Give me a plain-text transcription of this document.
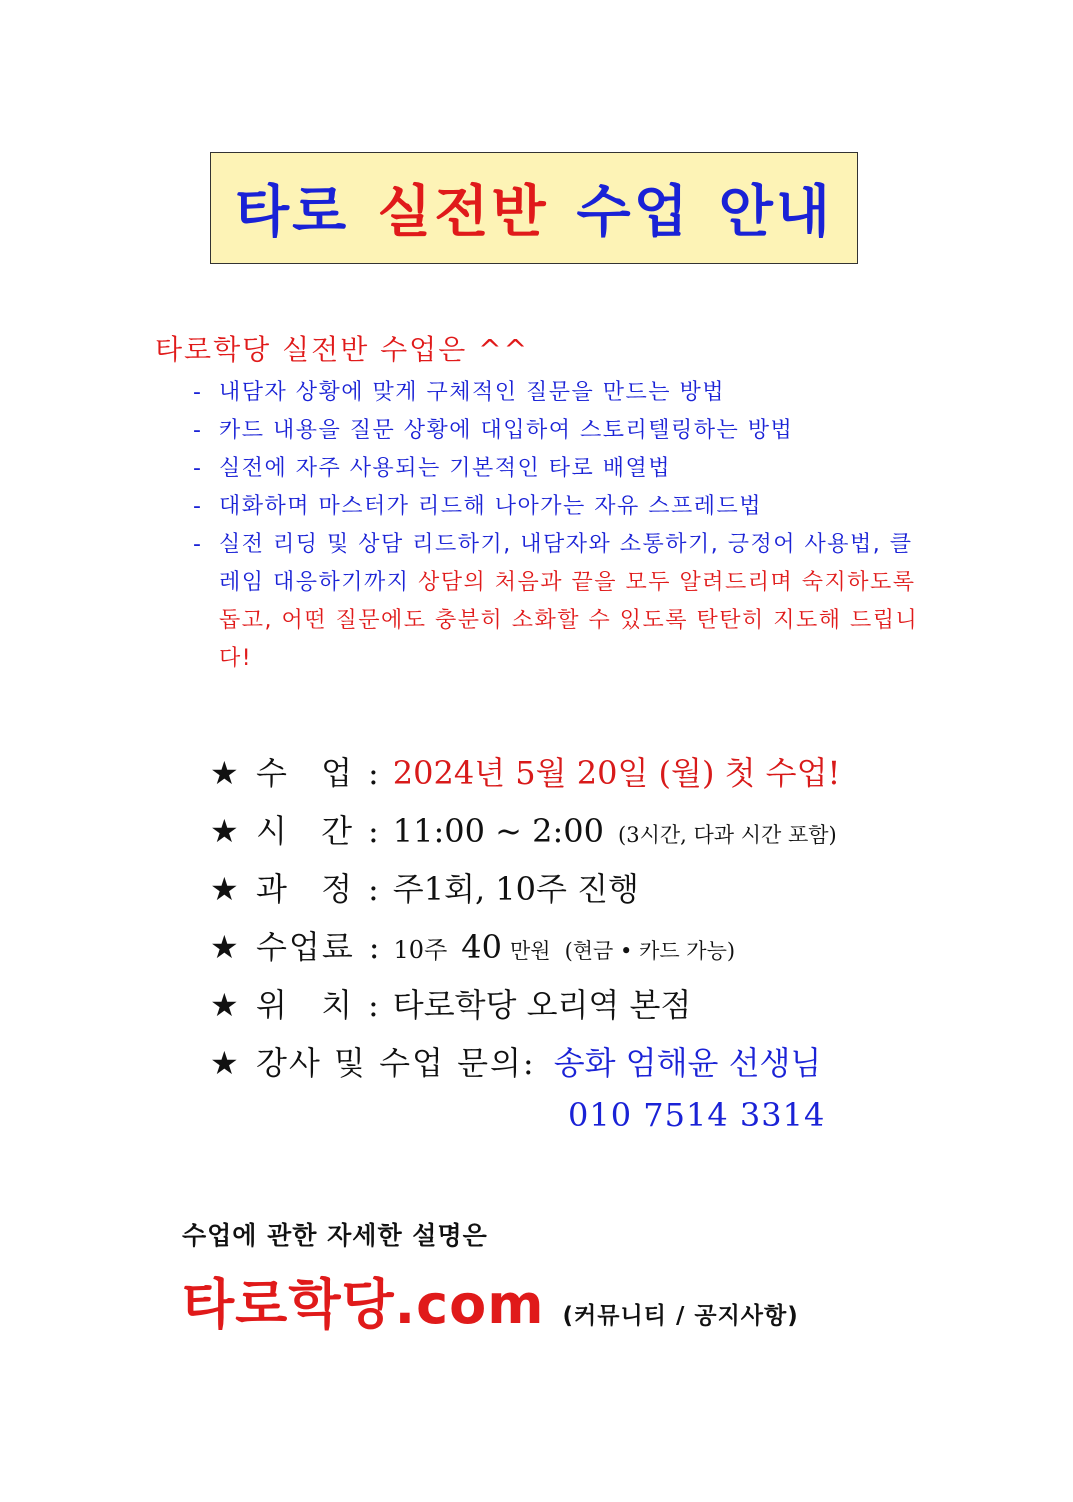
타로 실전반 수업 안내
타로학당 실전반 수업은 ^^
- 내담자 상황에 맞게 구체적인 질문을 만드는 방법
- 카드 내용을 질문 상황에 대입하여 스토리텔링하는 방법
- 실전에 자주 사용되는 기본적인 타로 배열법
- 대화하며 마스터가 리드해 나아가는 자유 스프레드법
- 실전 리딩 및 상담 리드하기, 내담자와 소통하기, 긍정어 사용법, 클레임 대응하기까지 상담의 처음과 끝을 모두 알려드리며 숙지하도록 돕고, 어떤 질문에도 충분히 소화할 수 있도록 탄탄히 지도해 드립니다!
★ 수 업 : 2024년 5월 20일 (월) 첫 수업!
★ 시 간 : 11:00 ~ 2:00 (3시간, 다과 시간 포함)
★ 과 정 : 주1회, 10주 진행
★ 수업료 : 10주 40 만원 (현금 • 카드 가능)
★ 위 치 : 타로학당 오리역 본점
★ 강사 및 수업 문의: 송화 엄해윤 선생님
010 7514 3314
수업에 관한 자세한 설명은
타로학당.com (커뮤니티 / 공지사항)
